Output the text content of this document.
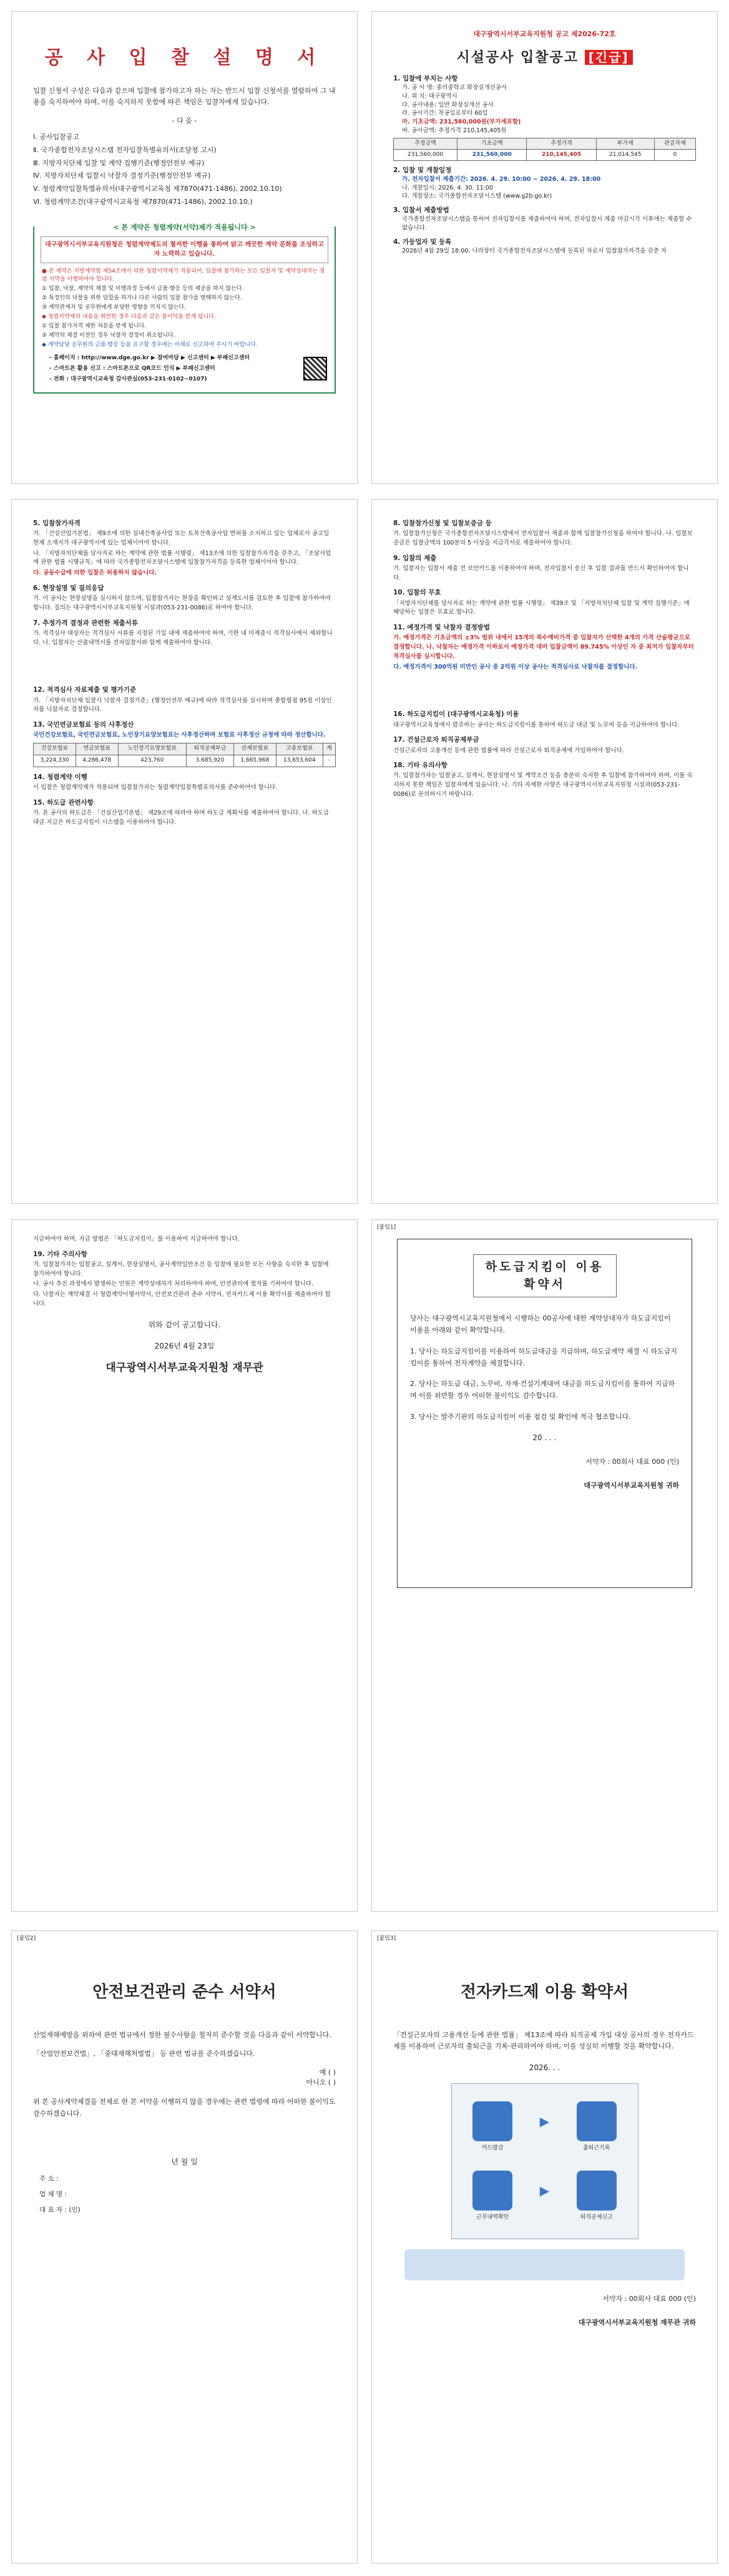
공 사 입 찰 설 명 서

입찰 신청서 구성은 다음과 같으며 입찰에 참가하고자 하는 자는 반드시 입찰 신청서를 열람하여 그 내용을 숙지하여야 하며, 이를 숙지하지 못함에 따른 책임은 입찰자에게 있습니다.

- 다 음 -

Ⅰ. 공사입찰공고
Ⅱ. 국가종합전자조달시스템 전자입찰특별유의서(조달청 고시)
Ⅲ. 지방자치단체 입찰 및 계약 집행기준(행정안전부 예규)
Ⅳ. 지방자치단체 입찰시 낙찰자 결정기준(행정안전부 예규)
Ⅴ. 청렴계약입찰특별유의서(대구광역시교육청 제7870(471-1486), 2002.10.10)
Ⅵ. 청렴계약조건(대구광역시교육청 제7870(471-1486), 2002.10.10.)
< 본 계약은 청렴계약(서약)제가 적용됩니다 >
대구광역시서부교육지원청은 청렴계약제도의 철저한 이행을 통하여 맑고 깨끗한 계약 문화를 조성하고자 노력하고 있습니다.

● 본 계약은 지방계약법 제54조에서 의한 청렴서약제가 적용되어, 입찰에 참가하는 모든 입찰자 및 계약상대자는 청렴 서약을 이행하여야 합니다.

① 입찰, 낙찰, 계약의 체결 및 이행과정 등에서 금품·향응 등의 제공을 하지 않는다.

② 특정인의 낙찰을 위한 담합을 하거나 다른 사람의 입찰 참가를 방해하지 않는다.

③ 계약관계자 및 공무원에게 부당한 영향을 끼치지 않는다.

◆ 청렴서약제의 내용을 위반한 경우 다음과 같은 불이익을 받게 됩니다.

① 입찰 참가자격 제한 처분을 받게 됩니다.

② 계약의 체결 이전인 경우 낙찰자 결정이 취소됩니다.

◆ 계약담당 공무원의 금품·향응 등을 요구할 경우에는 아래로 신고하여 주시기 바랍니다.

- 홈페이지 : http://www.dge.go.kr ▶ 참여마당 ▶ 신고센터 ▶ 부패신고센터
- 스마트폰 활용 신고 : 스마트폰으로 QR코드 인식 ▶ 부패신고센터
- 전화 : 대구광역시교육청 감사관실(053-231-0102~0107)
대구광역시서부교육지원청 공고 제2026-72호
시설공사 입찰공고 [긴급]
1. 입찰에 부치는 사항
가. 공 사 명: 중리중학교 화장실개선공사
나. 위 치: 대구광역시
다. 공사내용: 일반 화장실개선 공사
라. 공사기간: 착공일로부터 60일
마. 기초금액: 231,560,000원(부가세포함)
바. 공사금액: 추정가격 210,145,405원
추정금액	기초금액	추정가격	부가세	관급자재
231,560,000	231,560,000	210,145,405	21,014,545	0
2. 입찰 및 개찰일정
가. 전자입찰서 제출기간: 2026. 4. 29. 10:00 ~ 2026. 4. 29. 18:00
나. 개찰일시: 2026. 4. 30. 11:00
다. 개찰장소: 국가종합전자조달시스템 (www.g2b.go.kr)
3. 입찰서 제출방법
국가종합전자조달시스템을 통하여 전자입찰서를 제출하여야 하며, 전자입찰서 제출 마감시각 이후에는 제출할 수 없습니다.
4. 가등업자 및 등록
2026년 4월 29일 18:00, 나라장터 국가종합전자조달시스템에 등록된 자로서 입찰참가자격을 갖춘 자
5. 입찰참가자격

가. 「건설산업기본법」 제9조에 의한 실내건축공사업 또는 토목건축공사업 면허를 소지하고 있는 업체로서 공고일 현재 소재지가 대구광역시에 있는 업체이어야 합니다.

나. 「지방자치단체를 당사자로 하는 계약에 관한 법률 시행령」 제13조에 의한 입찰참가자격을 갖추고, 「조달사업에 관한 법률 시행규칙」에 따라 국가종합전자조달시스템에 입찰참가자격을 등록한 업체이어야 합니다.

다. 공동수급에 의한 입찰은 허용하지 않습니다.

6. 현장설명 및 질의응답

가. 이 공사는 현장설명을 실시하지 않으며, 입찰참가자는 현장을 확인하고 설계도서를 검토한 후 입찰에 참가하여야 합니다. 질의는 대구광역시서부교육지원청 시설과(053-231-0086)로 하여야 합니다.

7. 추정가격 결정과 관련한 제출서류

가. 적격심사 대상자는 적격심사 서류를 지정된 기일 내에 제출하여야 하며, 기한 내 미제출시 적격심사에서 제외합니다. 나. 입찰자는 산출내역서를 전자입찰서와 함께 제출하여야 합니다.

12. 적격심사 자료제출 및 평가기준

가. 「지방자치단체 입찰시 낙찰자 결정기준」(행정안전부 예규)에 따라 적격심사를 실시하며 종합평점 95점 이상인 자를 낙찰자로 결정합니다.

13. 국민연금보험료 등의 사후정산

국민건강보험료, 국민연금보험료, 노인장기요양보험료는 사후정산하며 보험료 사후정산 규정에 따라 정산합니다.

건강보험료	연금보험료	노인장기요양보험료	퇴직공제부금	산재보험료	고용보험료	계
3,224,330	4,286,478	423,760	3,685,920	1,665,968	13,653,604	-
14. 청렴계약 이행

이 입찰은 청렴계약제가 적용되며 입찰참가자는 청렴계약입찰특별유의서를 준수하여야 합니다.

15. 하도급 관련사항

가. 본 공사의 하도급은 「건설산업기본법」 제29조에 따라야 하며 하도급 계획서를 제출하여야 합니다. 나. 하도급 대금 지급은 하도급지킴이 시스템을 이용하여야 합니다.

8. 입찰참가신청 및 입찰보증금 등

가. 입찰참가신청은 국가종합전자조달시스템에서 전자입찰서 제출과 함께 입찰참가신청을 하여야 합니다. 나. 입찰보증금은 입찰금액의 100분의 5 이상을 지급각서로 제출하여야 합니다.

9. 입찰의 제출

가. 입찰자는 입찰서 제출 전 보안카드를 이용하여야 하며, 전자입찰서 송신 후 입찰 결과를 반드시 확인하여야 합니다.

10. 입찰의 무효

「지방자치단체를 당사자로 하는 계약에 관한 법률 시행령」 제39조 및 「지방자치단체 입찰 및 계약 집행기준」에 해당하는 입찰은 무효로 합니다.

11. 예정가격 및 낙찰자 결정방법

가. 예정가격은 기초금액의 ±3% 범위 내에서 15개의 복수예비가격 중 입찰자가 선택한 4개의 가격 산술평균으로 결정합니다. 나. 낙찰자는 예정가격 이하로서 예정가격 대비 입찰금액이 89.745% 이상인 자 중 최저가 입찰자부터 적격심사를 실시합니다.

다. 예정가격이 300억원 미만인 공사 중 2억원 이상 공사는 적격심사로 낙찰자를 결정합니다.

16. 하도급지킴이 (대구광역시교육청) 이용

대구광역시교육청에서 발주하는 공사는 하도급지킴이를 통하여 하도급 대금 및 노무비 등을 지급하여야 합니다.

17. 건설근로자 퇴직공제부금

건설근로자의 고용개선 등에 관한 법률에 따라 건설근로자 퇴직공제에 가입하여야 합니다.

18. 기타 유의사항

가. 입찰참가자는 입찰공고, 설계서, 현장설명서 및 계약조건 등을 충분히 숙지한 후 입찰에 참가하여야 하며, 이를 숙지하지 못한 책임은 입찰자에게 있습니다. 나. 기타 자세한 사항은 대구광역시서부교육지원청 시설과(053-231-0086)로 문의하시기 바랍니다.

지급하여야 하며, 지급 방법은 「하도급지킴이」를 이용하여 지급하여야 합니다.

19. 기타 주의사항

가. 입찰참가자는 입찰공고, 설계서, 현장설명서, 공사계약일반조건 등 입찰에 필요한 모든 사항을 숙지한 후 입찰에 참가하여야 합니다.

나. 공사 추진 과정에서 발생하는 민원은 계약상대자가 처리하여야 하며, 안전관리에 철저를 기하여야 합니다.

다. 낙찰자는 계약체결 시 청렴계약이행서약서, 안전보건관리 준수 서약서, 전자카드제 이용 확약서를 제출하여야 합니다.

위와 같이 공고합니다.
2026년 4월 23일
대구광역시서부교육지원청 재무관
[붙임1]
하도급지킴이 이용 확약서

당사는 대구광역시교육지원청에서 시행하는 00공사에 대한 계약상대자가 하도급지킴이 이용을 아래와 같이 확약합니다.

1. 당사는 하도급지킴이를 이용하여 하도급대금을 지급하며, 하도급계약 체결 시 하도급지킴이를 통하여 전자계약을 체결합니다.

2. 당사는 하도급 대금, 노무비, 자재·건설기계대여 대금을 하도급지킴이를 통하여 지급하며 이를 위반할 경우 어떠한 불이익도 감수합니다.

3. 당사는 발주기관의 하도급지킴이 이용 점검 및 확인에 적극 협조합니다.

20 . . .
서약자 : 00회사 대표 000 (인)
대구광역시서부교육지원청 귀하
[붙임2]
안전보건관리 준수 서약서

산업재해예방을 위하여 관련 법규에서 정한 필수사항을 철저히 준수할 것을 다음과 같이 서약합니다.

「산업안전보건법」, 「중대재해처벌법」 등 관련 법규를 준수하겠습니다.

예 ( )
아니오 ( )

위 본 공사계약체결을 전제로 한 본 서약을 이행하지 않을 경우에는 관련 법령에 따라 어떠한 불이익도 감수하겠습니다.

년 월 일
주 소 :
업 체 명 :
대 표 자 : (인)
[붙임3]
전자카드제 이용 확약서

「건설근로자의 고용개선 등에 관한 법률」 제13조에 따라 퇴직공제 가입 대상 공사의 경우 전자카드제를 이용하여 근로자의 출퇴근을 기록·관리하여야 하며, 이를 성실히 이행할 것을 확약합니다.

2026. . .
카드발급
▶
출퇴근기록
근무내역확인
▶
퇴직공제신고
서약자 : 00회사 대표 000 (인)
대구광역시서부교육지원청 재무관 귀하
